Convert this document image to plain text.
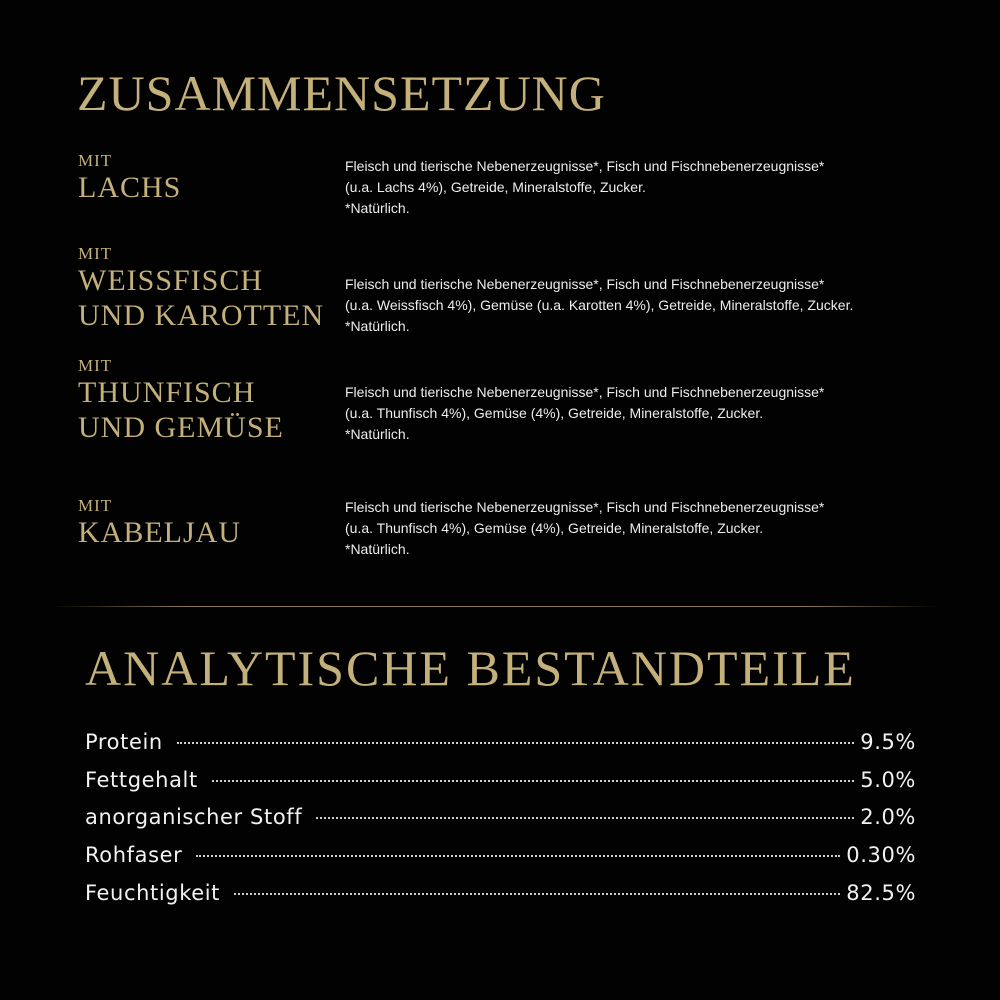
ZUSAMMENSETZUNG
MIT
LACHS
Fleisch und tierische Nebenerzeugnisse*, Fisch und Fischnebenerzeugnisse*
(u.a. Lachs 4%), Getreide, Mineralstoffe, Zucker.
*Natürlich.
MIT
WEISSFISCH
UND KAROTTEN
Fleisch und tierische Nebenerzeugnisse*, Fisch und Fischnebenerzeugnisse*
(u.a. Weissfisch 4%), Gemüse (u.a. Karotten 4%), Getreide, Mineralstoffe, Zucker.
*Natürlich.
MIT
THUNFISCH
UND GEMÜSE
Fleisch und tierische Nebenerzeugnisse*, Fisch und Fischnebenerzeugnisse*
(u.a. Thunfisch 4%), Gemüse (4%), Getreide, Mineralstoffe, Zucker.
*Natürlich.
MIT
KABELJAU
Fleisch und tierische Nebenerzeugnisse*, Fisch und Fischnebenerzeugnisse*
(u.a. Thunfisch 4%), Gemüse (4%), Getreide, Mineralstoffe, Zucker.
*Natürlich.
ANALYTISCHE BESTANDTEILE
Protein	9.5%
Fettgehalt	5.0%
anorganischer Stoff	2.0%
Rohfaser	0.30%
Feuchtigkeit	82.5%
